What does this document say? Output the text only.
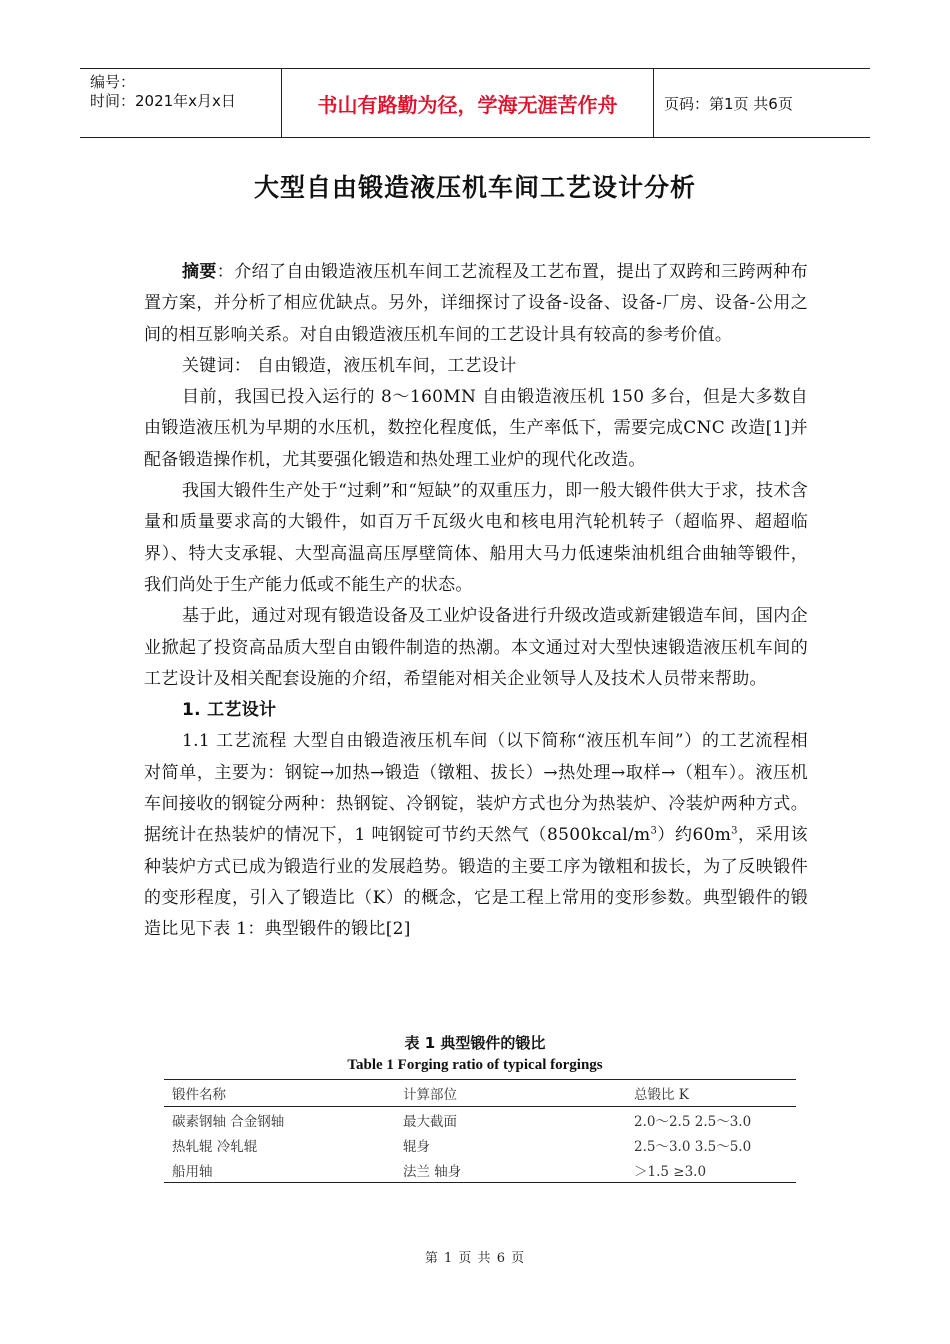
编号：
时间：2021年x月x日	书山有路勤为径，学海无涯苦作舟	页码：第1页 共6页
大型自由锻造液压机车间工艺设计分析

摘要：介绍了自由锻造液压机车间工艺流程及工艺布置，提出了双跨和三跨两种布置方案，并分析了相应优缺点。另外，详细探讨了设备-设备、设备-厂房、设备-公用之间的相互影响关系。对自由锻造液压机车间的工艺设计具有较高的参考价值。

关键词： 自由锻造，液压机车间，工艺设计

目前，我国已投入运行的 8～160MN 自由锻造液压机 150 多台，但是大多数自由锻造液压机为早期的水压机，数控化程度低，生产率低下，需要完成CNC 改造[1]并配备锻造操作机，尤其要强化锻造和热处理工业炉的现代化改造。

我国大锻件生产处于“过剩”和“短缺”的双重压力，即一般大锻件供大于求，技术含量和质量要求高的大锻件，如百万千瓦级火电和核电用汽轮机转子（超临界、超超临界）、特大支承辊、大型高温高压厚壁筒体、船用大马力低速柴油机组合曲轴等锻件，我们尚处于生产能力低或不能生产的状态。

基于此，通过对现有锻造设备及工业炉设备进行升级改造或新建锻造车间，国内企业掀起了投资高品质大型自由锻件制造的热潮。本文通过对大型快速锻造液压机车间的工艺设计及相关配套设施的介绍，希望能对相关企业领导人及技术人员带来帮助。

1. 工艺设计

1.1 工艺流程 大型自由锻造液压机车间（以下简称“液压机车间”）的工艺流程相对简单，主要为：钢锭→加热→锻造（镦粗、拔长）→热处理→取样→（粗车）。液压机车间接收的钢锭分两种：热钢锭、冷钢锭，装炉方式也分为热装炉、冷装炉两种方式。据统计在热装炉的情况下，1 吨钢锭可节约天然气$(8500kcal/m^3)$约$60m^3$，采用该种装炉方式已成为锻造行业的发展趋势。锻造的主要工序为镦粗和拔长，为了反映锻件的变形程度，引入了锻造比（K）的概念，它是工程上常用的变形参数。典型锻件的锻造比见下表 1：典型锻件的锻比[2]

表 1 典型锻件的锻比
Table 1 Forging ratio of typical forgings
锻件名称	计算部位	总锻比 K
碳素钢轴 合金钢轴	最大截面	2.0～2.5 2.5～3.0
热轧辊 冷轧辊	辊身	2.5～3.0 3.5～5.0
船用轴	法兰 轴身	＞1.5 ≥3.0
第 1 页 共 6 页
